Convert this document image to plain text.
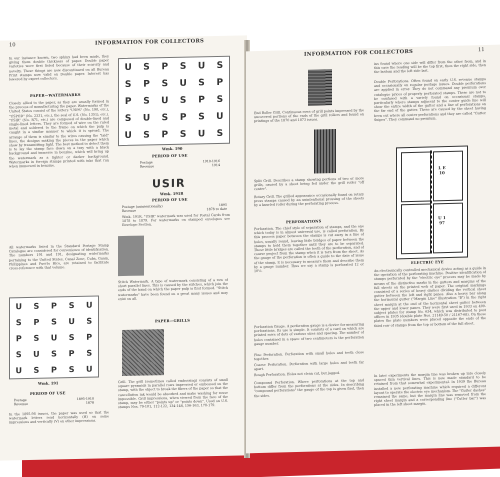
10	INFORMATION FOR COLLECTORS
In our instance known, two sphinx had been made, they giving them double thickness of paper. Double paper varieties were first listed because of their scarcity and novelty. These things are now discontinued on all Bureau Print stamps now valid on Double paper. Interest has lowered by expert collectors.
PAPER—WATERMARKS
Closely allied to the paper, as they are usually formed in the process of manufacturing the paper. Watermarks of the United States consist of the letters "USPS" (No. 190, etc.), "USPOD" (No. 2331, etc.), the seal of U.S. (No. 1351), etc.). "USIR" (No. R71, etc.) are composed of double-lined and single-lined letters. They are formed of wire on the ruled metal and soldered to the frame on which the pulp is caught in a similar manner to which it is spread. The arrange of them is similar to the wires causing the "laid" lines, the designs making the pieces in the paper which show by transmitting light. The best method to detect them is to lay the stamp face down on a tray with a black background and immerse in benzine, which will bring up the watermark as a lighter or darker background. Watermarks in foreign stamps printed with inks that run when immersed in benzine.
All watermarks listed in the Standard Postage Stamp Catalogue are considered for convenience of identification. The numbers 191 and 191, designating watermarks pertaining to the United States, Canal Zone, Cuba, Guam, Philippines and Puerto Rico, are retained to facilitate cross-reference with that volume.
U	S	P	S	U	S
S	P	S	U	S	P
P	S	U	S	P	S
S	U	S	P	S	U
U	S	P	S	U	S
Wmk. 190
PERIOD OF USE
Postage	1910-1916
Revenue	1914
USIR
Wmk. 191R
PERIOD OF USE
Postage (unintentionally)	1895
Revenue	1878 to date
Wmk. 191R. "USIR" watermark was used for Postal Cards from 1878 to 1879. For watermarks on stamped envelopes see Envelope Section.
U	S	P	S	U
S	P	S	U	S
P	S	U	S	P
S	U	S	P	S
U	S	P	S	U
Wmk. 191
Stitch Watermark. A type of watermark consisting of a row of short parallel lines. This is caused by the stitches, which join the ends of the band on which the paper pulp is first formed. "Stitch watermarks" have been found on a great many issues and may exist on all.
PAPER—GRILLS
PERIOD OF USE
Postage	1895-1910
Revenue	1878
In the 1895-98 issues, the paper was used so that the watermark letters read horizontally (H) on some impressions and vertically (V) on other impressions.
Grill. The grill (sometimes called embossing) consists of small square pyramids in parallel rows impressed or embossed on the stamp, with the object to break the fibers of the paper so that the cancellation ink would be absorbed and make washing for reuse impossible. Grill impressions, when viewed from the face of the stamp, may be either "points up" or "points down". Used on U.S. stamps Nos. 79-101, 112-122, 134-144, 156-163, 178-179.
INFORMATION FOR COLLECTORS	11
End Roller Grill. Continuous rows of grill points impressed by the uncovered portions of the ends of the grill rollers and found on printings of the 1870 and 1873 issues.
Split Grill. Describes a stamp showing portions of two or more grills, caused by a sheet being fed under the grill roller "off center".
Rotary Grill. The grilled appearance occasionally found on rotary press stamps caused by an unintentional pressing of the sheets by a knurled roller during the perforating process.
PERFORATIONS
Perforation. The chief style of separation of stamps, and the one which today is in almost universal use, is called perforation. By this process paper between the stamps is cut away in a line of holes, usually round, leaving little bridges of paper between the stamps to hold them together until they are to be separated. These little bridges are called the teeth of the perforation, and of course project from the stamp when it is torn from the sheet. As the gauge of the perforation is often a guide to the date of issue of the stamp, it is necessary to measure them and describe them by a gauge number. Thus we say a stamp is perforated 12 or 10½.
Perforation Gauge. A perforation gauge is a device for measuring perforations. Its use is simple. It consists of a card on which are printed rows of dots of various sizes and spacing. The number of holes contained in a space of two centimeters is the perforation gauge number.
Fine Perforation. Perforation with small holes and teeth close together.
Coarse Perforation. Perforation with large holes and teeth far apart.
Rough Perforation. Holes not clean cut, but jagged.
Compound Perforation. Where perforations at the top and bottom differ from the perforations at the sides. In describing "compound perforations" the gauge of the top is given first, then the sides.
ins found where one side will differ from the other from, and in this case the reading will be the top first, then the right side, then the bottom and the left side last.
Double Perforations. Often found on early U.S. revenue stamps and occasionally on regular postage issues. Double perforations are applied in error. They do not command any premium over catalogue prices of properly perforated stamps. These are not to be confused with a variety found on occasional stamps, particularly where stamps adjacent to the center guide line will show the entire width of the gutter and a line of perforations on the far end of the gutter. These are caused by the sheet having been cut where all center perforations and they are called "Gutter Snipes". They command no premium.
L E 10
U 1 97
ELECTRIC EYE
An electronically controlled mechanical device acting as a guide in the operation of the perforating machine. Positive identification of stamps perforated by the "electric eye" process may be made by means of the distinctive marks in the gutters and margins of the full sheets on the printed web of paper. The original markings consisted of a series of heavy dashes dividing the vertical sheet gutter between the left and right panes. Also a heavy bar along the horizontal gutter ("Margin Line" illustration "B") in the right sheet margin at the end of the horizontal sheet gutter between the upper and lower panes. They were first used in 1933 on 400-subject plates for stamp No. 634, which was distributed to post offices in 1935 (double plate Nos. 21149-50 / 21167-68). On these plates the plate numbers were placed opposite the ends of the third row of stamps from the top or bottom of the full sheet.
In later experiments the margin line was broken up into closely spaced thin vertical lines. This is now made standard to be retained from that somewhat experimental. In 1939 the Bureau installed a new perforating machine which required a different layout to operate the electric eye mechanism. The "Gutter dashes" remained the same, but the margin line was removed from the right sheet margin and a corresponding line ("Cutter bar") was placed in the left sheet margin.
